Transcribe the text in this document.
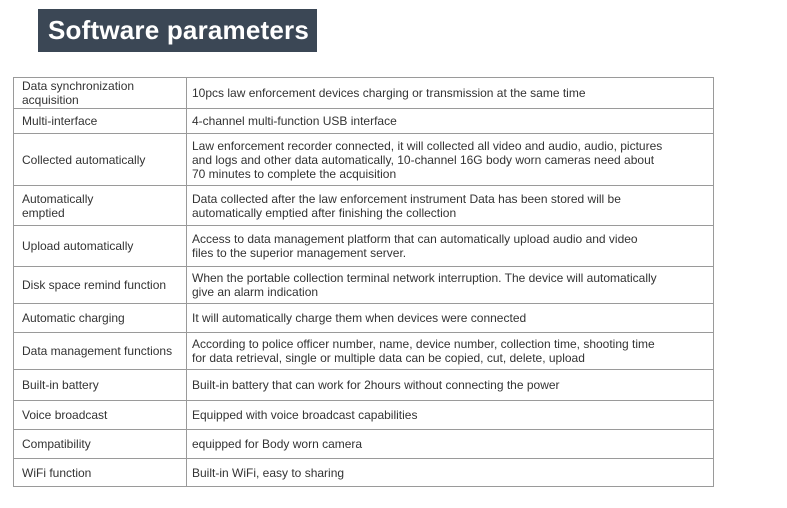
Software parameters
Data synchronization
acquisition	10pcs law enforcement devices charging or transmission at the same time
Multi-interface	4-channel multi-function USB interface
Collected automatically	Law enforcement recorder connected, it will collected all video and audio, audio, pictures
and logs and other data automatically, 10-channel 16G body worn cameras need about
70 minutes to complete the acquisition
Automatically
emptied	Data collected after the law enforcement instrument Data has been stored will be
automatically emptied after finishing the collection
Upload automatically	Access to data management platform that can automatically upload audio and video
files to the superior management server.
Disk space remind function	When the portable collection terminal network interruption. The device will automatically
give an alarm indication
Automatic charging	It will automatically charge them when devices were connected
Data management functions	According to police officer number, name, device number, collection time, shooting time
for data retrieval, single or multiple data can be copied, cut, delete, upload
Built-in battery	Built-in battery that can work for 2hours without connecting the power
Voice broadcast	Equipped with voice broadcast capabilities
Compatibility	equipped for Body worn camera
WiFi function	Built-in WiFi, easy to sharing
